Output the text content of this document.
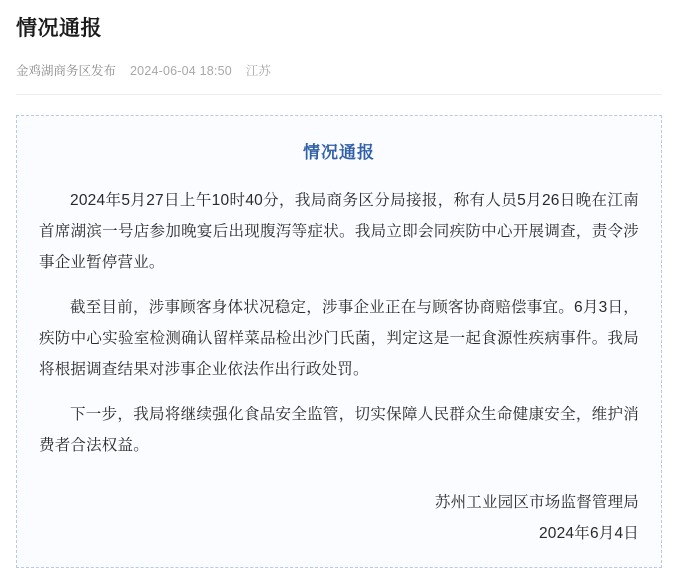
情况通报
金鸡湖商务区发布 2024-06-04 18:50 江苏
情况通报

2024年5月27日上午10时40分，我局商务区分局接报，称有人员5月26日晚在江南首席湖滨一号店参加晚宴后出现腹泻等症状。我局立即会同疾防中心开展调查，责令涉事企业暂停营业。

截至目前，涉事顾客身体状况稳定，涉事企业正在与顾客协商赔偿事宜。6月3日，疾防中心实验室检测确认留样菜品检出沙门氏菌，判定这是一起食源性疾病事件。我局将根据调查结果对涉事企业依法作出行政处罚。

下一步，我局将继续强化食品安全监管，切实保障人民群众生命健康安全，维护消费者合法权益。

苏州工业园区市场监督管理局
2024年6月4日
